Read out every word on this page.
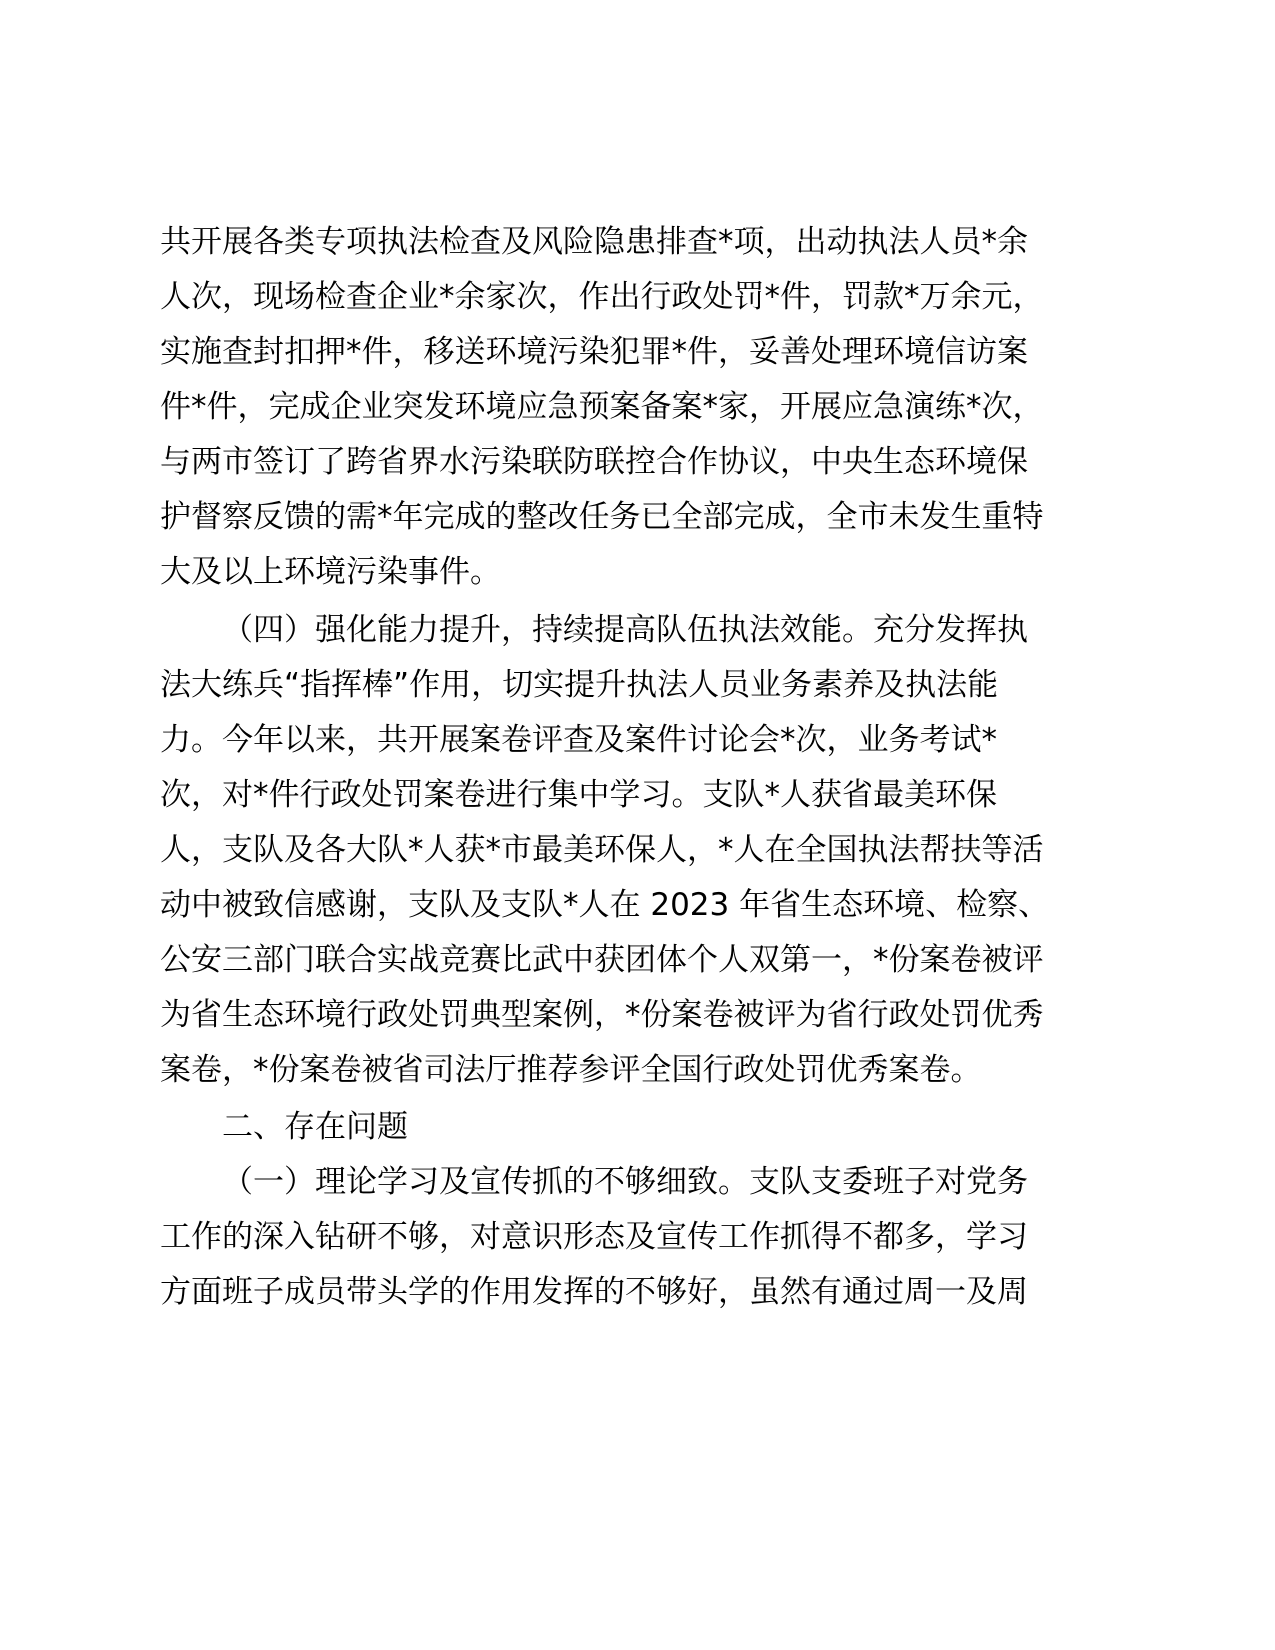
共开展各类专项执法检查及风险隐患排查*项，出动执法人员*余
人次，现场检查企业*余家次，作出行政处罚*件，罚款*万余元，
实施查封扣押*件，移送环境污染犯罪*件，妥善处理环境信访案
件*件，完成企业突发环境应急预案备案*家，开展应急演练*次，
与两市签订了跨省界水污染联防联控合作协议，中央生态环境保
护督察反馈的需*年完成的整改任务已全部完成，全市未发生重特
大及以上环境污染事件。
（四）强化能力提升，持续提高队伍执法效能。充分发挥执
法大练兵“指挥棒”作用，切实提升执法人员业务素养及执法能
力。今年以来，共开展案卷评查及案件讨论会*次，业务考试*
次，对*件行政处罚案卷进行集中学习。支队*人获省最美环保
人，支队及各大队*人获*市最美环保人，*人在全国执法帮扶等活
动中被致信感谢，支队及支队*人在 2023 年省生态环境、检察、
公安三部门联合实战竞赛比武中获团体个人双第一，*份案卷被评
为省生态环境行政处罚典型案例，*份案卷被评为省行政处罚优秀
案卷，*份案卷被省司法厅推荐参评全国行政处罚优秀案卷。
二、存在问题
（一）理论学习及宣传抓的不够细致。支队支委班子对党务
工作的深入钻研不够，对意识形态及宣传工作抓得不都多，学习
方面班子成员带头学的作用发挥的不够好，虽然有通过周一及周
